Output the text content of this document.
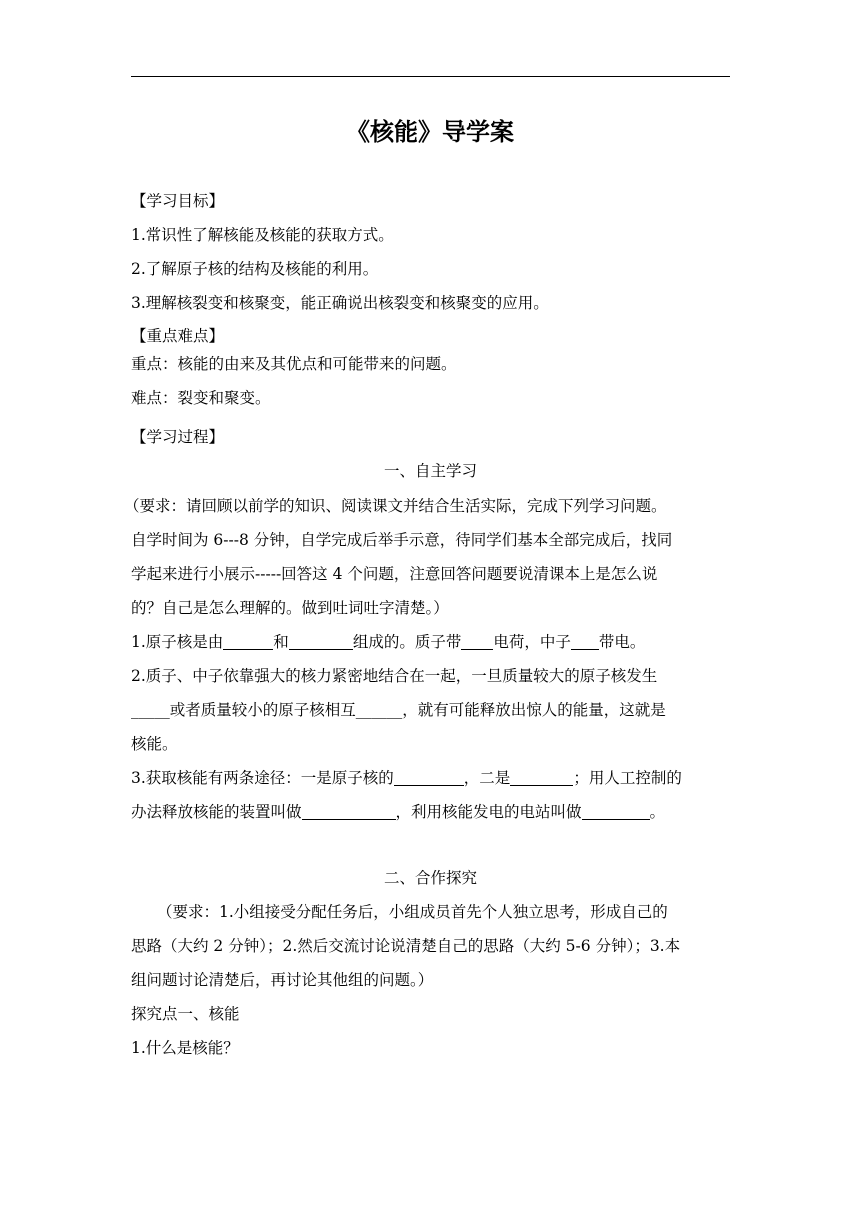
《核能》导学案
【学习目标】
1.常识性了解核能及核能的获取方式。
2.了解原子核的结构及核能的利用。
3.理解核裂变和核聚变，能正确说出核裂变和核聚变的应用。
【重点难点】
重点：核能的由来及其优点和可能带来的问题。
难点：裂变和聚变。
【学习过程】
一、自主学习
（要求：请回顾以前学的知识、阅读课文并结合生活实际，完成下列学习问题。
自学时间为 6---8 分钟，自学完成后举手示意，待同学们基本全部完成后，找同
学起来进行小展示-----回答这 4 个问题，注意回答问题要说清课本上是怎么说
的？自己是怎么理解的。做到吐词吐字清楚。）
1.原子核是由	和	组成的。质子带 电荷，中子 带电。
2.质子、中子依靠强大的核力紧密地结合在一起，一旦质量较大的原子核发生
_____或者质量较小的原子核相互______，就有可能释放出惊人的能量，这就是
核能。
3.获取核能有两条途径：一是原子核的	，二是	；用人工控制的
办法释放核能的装置叫做	，利用核能发电的电站叫做	。
二、合作探究
（要求：1.小组接受分配任务后，小组成员首先个人独立思考，形成自己的
思路（大约 2 分钟）；2.然后交流讨论说清楚自己的思路（大约 5-6 分钟）；3.本
组问题讨论清楚后，再讨论其他组的问题。）
探究点一、核能
1.什么是核能？
